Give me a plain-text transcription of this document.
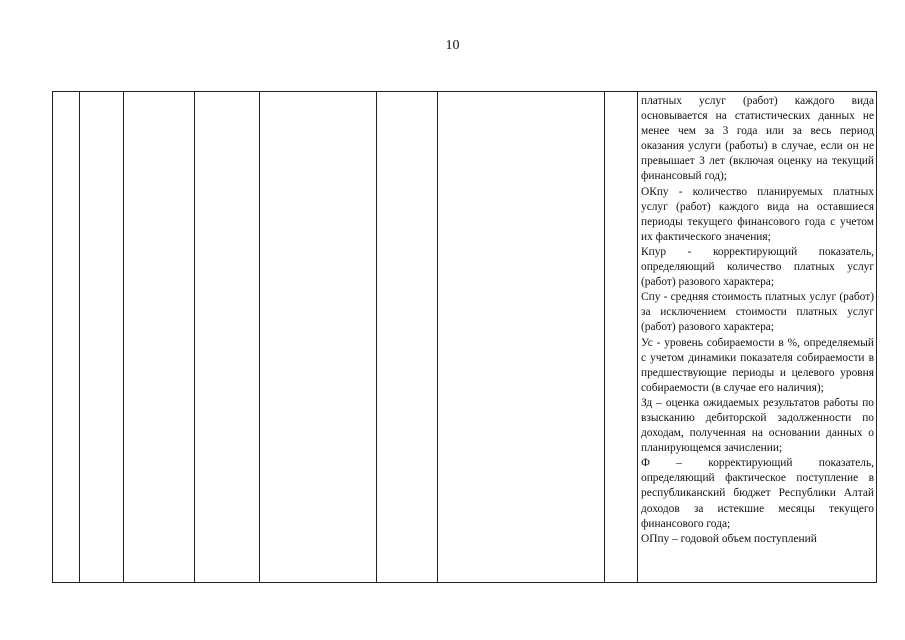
10

платных услуг (работ) каждого вида основывается на статистических данных не менее чем за 3 года или за весь период оказания услуги (работы) в случае, если он не превышает 3 лет (включая оценку на текущий финансовый год);

ОКпу - количество планируемых платных услуг (работ) каждого вида на оставшиеся периоды текущего финансового года с учетом их фактического значения;

Кпур - корректирующий показатель, определяющий количество платных услуг (работ) разового характера;

Спу - средняя стоимость платных услуг (работ) за исключением стоимости платных услуг (работ) разового характера;

Ус - уровень собираемости в %, определяемый с учетом динамики показателя собираемости в предшествующие периоды и целевого уровня собираемости (в случае его наличия);

Зд – оценка ожидаемых результатов работы по взысканию дебиторской задолженности по доходам, полученная на основании данных о планирующемся зачислении;

Ф – корректирующий показатель, определяющий фактическое поступление в республиканский бюджет Республики Алтай доходов за истекшие месяцы текущего финансового года;

ОПпу – годовой объем поступлений
